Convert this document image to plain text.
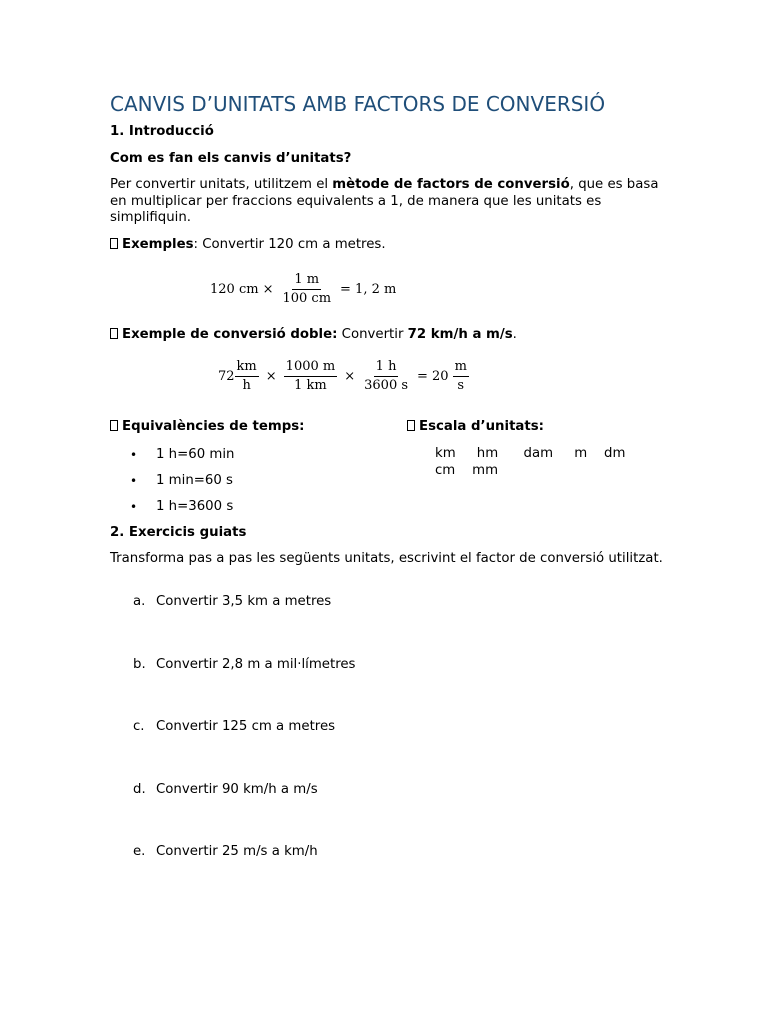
CANVIS D’UNITATS AMB FACTORS DE CONVERSIÓ
1. Introducció
Com es fan els canvis d’unitats?
Per convertir unitats, utilitzem el mètode de factors de conversió, que es basa en multiplicar per fraccions equivalents a 1, de manera que les unitats es simplifiquin.
Exemples: Convertir 120 cm a metres.
120 cm × $\frac{1 m}{100 cm} = 1$, 2 m
Exemple de conversió doble: Convertir 72 km/h a m/s.
$72 \frac{km}{h} \times \frac{1000 m}{1 km} \times \frac{1 h}{3600 s} = 20 \frac{m}{s}$
Equivalències de temps:
• 1 h=60 min
• 1 min=60 s
• 1 h=3600 s
Escala d’unitats:
km     hm      dam     m    dm   cm    mm
2. Exercicis guiats
Transforma pas a pas les següents unitats, escrivint el factor de conversió utilitzat.
a. Convertir 3,5 km a metres
b. Convertir 2,8 m a mil·límetres
c. Convertir 125 cm a metres
d. Convertir 90 km/h a m/s
e. Convertir 25 m/s a km/h
